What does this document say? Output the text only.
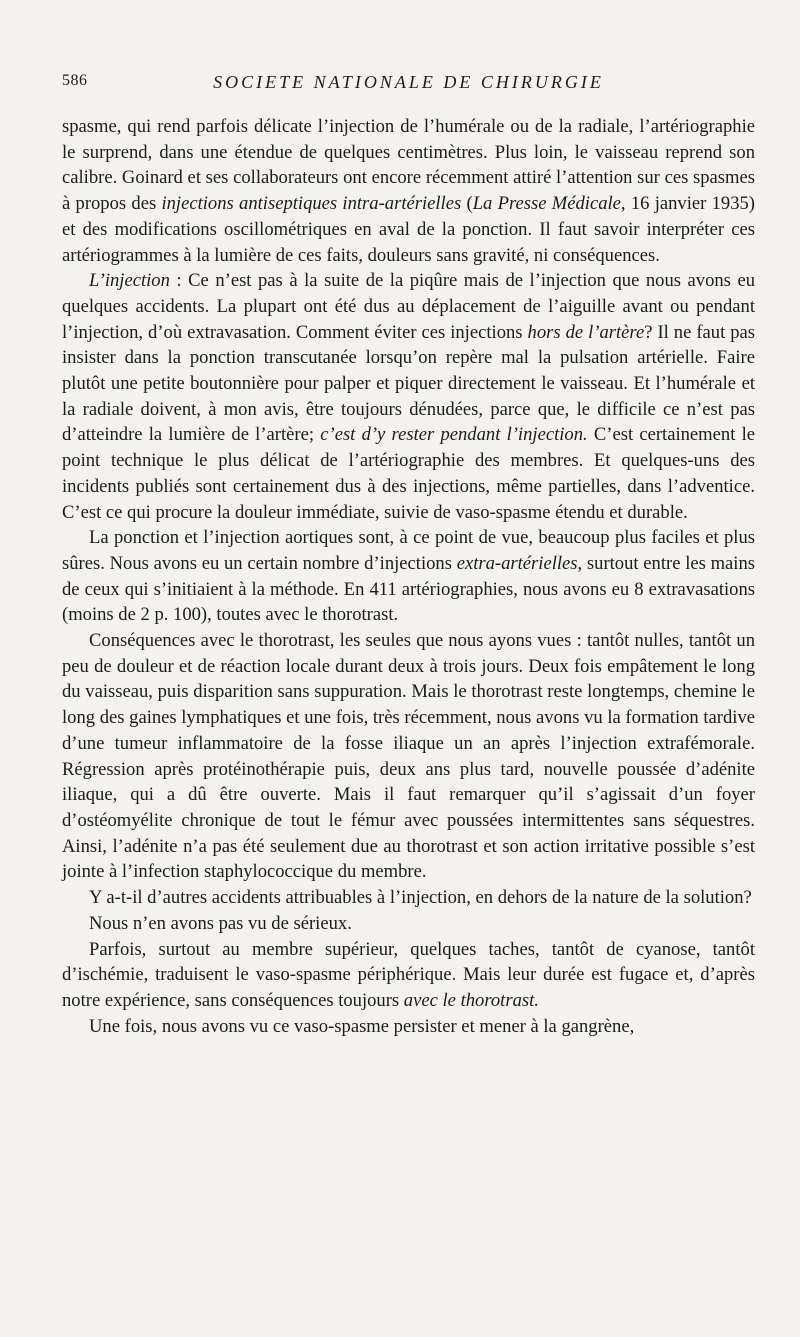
586	SOCIETE NATIONALE DE CHIRURGIE

spasme, qui rend parfois délicate l’injection de l’humérale ou de la radiale, l’artériographie le surprend, dans une étendue de quelques centimètres. Plus loin, le vaisseau reprend son calibre. Goinard et ses collaborateurs ont encore récemment attiré l’attention sur ces spasmes à propos des injections antiseptiques intra-artérielles (La Presse Médicale, 16 janvier 1935) et des modifications oscillométriques en aval de la ponction. Il faut savoir interpréter ces artériogrammes à la lumière de ces faits, douleurs sans gravité, ni conséquences.

L’injection : Ce n’est pas à la suite de la piqûre mais de l’injection que nous avons eu quelques accidents. La plupart ont été dus au déplacement de l’aiguille avant ou pendant l’injection, d’où extravasation. Comment éviter ces injections hors de l’artère? Il ne faut pas insister dans la ponction transcutanée lorsqu’on repère mal la pulsation artérielle. Faire plutôt une petite boutonnière pour palper et piquer directement le vaisseau. Et l’humérale et la radiale doivent, à mon avis, être toujours dénudées, parce que, le difficile ce n’est pas d’atteindre la lumière de l’artère; c’est d’y rester pendant l’injection. C’est certainement le point technique le plus délicat de l’artériographie des membres. Et quelques-uns des incidents publiés sont certainement dus à des injections, même partielles, dans l’adventice. C’est ce qui procure la douleur immédiate, suivie de vaso-spasme étendu et durable.

La ponction et l’injection aortiques sont, à ce point de vue, beaucoup plus faciles et plus sûres. Nous avons eu un certain nombre d’injections extra-artérielles, surtout entre les mains de ceux qui s’initiaient à la méthode. En 411 artériographies, nous avons eu 8 extravasations (moins de 2 p. 100), toutes avec le thorotrast.

Conséquences avec le thorotrast, les seules que nous ayons vues : tantôt nulles, tantôt un peu de douleur et de réaction locale durant deux à trois jours. Deux fois empâtement le long du vaisseau, puis disparition sans suppuration. Mais le thorotrast reste longtemps, chemine le long des gaines lymphatiques et une fois, très récemment, nous avons vu la formation tardive d’une tumeur inflammatoire de la fosse iliaque un an après l’injection extrafémorale. Régression après protéinothérapie puis, deux ans plus tard, nouvelle poussée d’adénite iliaque, qui a dû être ouverte. Mais il faut remarquer qu’il s’agissait d’un foyer d’ostéomyélite chronique de tout le fémur avec poussées intermittentes sans séquestres. Ainsi, l’adénite n’a pas été seulement due au thorotrast et son action irritative possible s’est jointe à l’infection staphylococcique du membre.

Y a-t-il d’autres accidents attribuables à l’injection, en dehors de la nature de la solution?

Nous n’en avons pas vu de sérieux.

Parfois, surtout au membre supérieur, quelques taches, tantôt de cyanose, tantôt d’ischémie, traduisent le vaso-spasme périphérique. Mais leur durée est fugace et, d’après notre expérience, sans conséquences toujours avec le thorotrast.

Une fois, nous avons vu ce vaso-spasme persister et mener à la gangrène,
